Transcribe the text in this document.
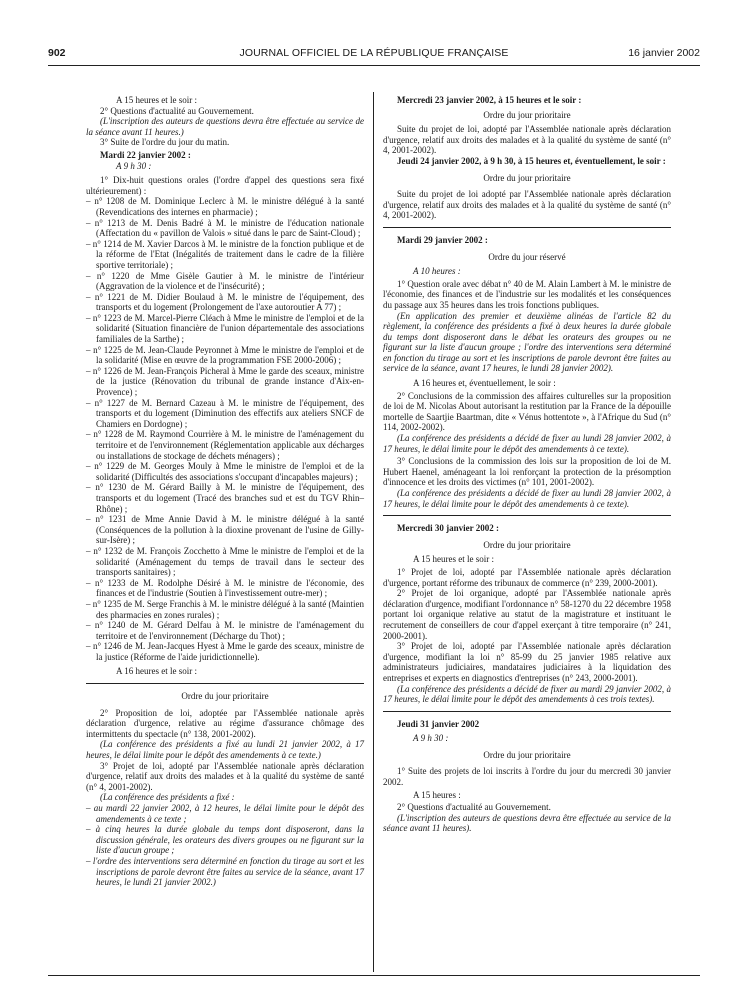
902	JOURNAL OFFICIEL DE LA RÉPUBLIQUE FRANÇAISE	16 janvier 2002

A 15 heures et le soir :

2° Questions d'actualité au Gouvernement.

(L'inscription des auteurs de questions devra être effectuée au service de la séance avant 11 heures.)

3° Suite de l'ordre du jour du matin.

Mardi 22 janvier 2002 :

A 9 h 30 :

1° Dix-huit questions orales (l'ordre d'appel des questions sera fixé ultérieurement) :

– n° 1208 de M. Dominique Leclerc à M. le ministre délégué à la santé (Revendications des internes en pharmacie) ;

– n° 1213 de M. Denis Badré à M. le ministre de l'éducation nationale (Affectation du « pavillon de Valois » situé dans le parc de Saint-Cloud) ;

– n° 1214 de M. Xavier Darcos à M. le ministre de la fonction publique et de la réforme de l'Etat (Inégalités de traitement dans le cadre de la filière sportive territoriale) ;

– n° 1220 de Mme Gisèle Gautier à M. le ministre de l'intérieur (Aggravation de la violence et de l'insécurité) ;

– n° 1221 de M. Didier Boulaud à M. le ministre de l'équipement, des transports et du logement (Prolongement de l'axe autoroutier A 77) ;

– n° 1223 de M. Marcel-Pierre Cléach à Mme le ministre de l'emploi et de la solidarité (Situation financière de l'union départementale des associations familiales de la Sarthe) ;

– n° 1225 de M. Jean-Claude Peyronnet à Mme le ministre de l'emploi et de la solidarité (Mise en œuvre de la programmation FSE 2000-2006) ;

– n° 1226 de M. Jean-François Picheral à Mme le garde des sceaux, ministre de la justice (Rénovation du tribunal de grande instance d'Aix-en-Provence) ;

– n° 1227 de M. Bernard Cazeau à M. le ministre de l'équipement, des transports et du logement (Diminution des effectifs aux ateliers SNCF de Chamiers en Dordogne) ;

– n° 1228 de M. Raymond Courrière à M. le ministre de l'aménagement du territoire et de l'environnement (Réglementation applicable aux décharges ou installations de stockage de déchets ménagers) ;

– n° 1229 de M. Georges Mouly à Mme le ministre de l'emploi et de la solidarité (Difficultés des associations s'occupant d'incapables majeurs) ;

– n° 1230 de M. Gérard Bailly à M. le ministre de l'équipement, des transports et du logement (Tracé des branches sud et est du TGV Rhin–Rhône) ;

– n° 1231 de Mme Annie David à M. le ministre délégué à la santé (Conséquences de la pollution à la dioxine provenant de l'usine de Gilly-sur-Isère) ;

– n° 1232 de M. François Zocchetto à Mme le ministre de l'emploi et de la solidarité (Aménagement du temps de travail dans le secteur des transports sanitaires) ;

– n° 1233 de M. Rodolphe Désiré à M. le ministre de l'économie, des finances et de l'industrie (Soutien à l'investissement outre-mer) ;

– n° 1235 de M. Serge Franchis à M. le ministre délégué à la santé (Maintien des pharmacies en zones rurales) ;

– n° 1240 de M. Gérard Delfau à M. le ministre de l'aménagement du territoire et de l'environnement (Décharge du Thot) ;

– n° 1246 de M. Jean-Jacques Hyest à Mme le garde des sceaux, ministre de la justice (Réforme de l'aide juridictionnelle).

A 16 heures et le soir :

Ordre du jour prioritaire

2° Proposition de loi, adoptée par l'Assemblée nationale après déclaration d'urgence, relative au régime d'assurance chômage des intermittents du spectacle (n° 138, 2001-2002).

(La conférence des présidents a fixé au lundi 21 janvier 2002, à 17 heures, le délai limite pour le dépôt des amendements à ce texte.)

3° Projet de loi, adopté par l'Assemblée nationale après déclaration d'urgence, relatif aux droits des malades et à la qualité du système de santé (n° 4, 2001-2002).

(La conférence des présidents a fixé :

– au mardi 22 janvier 2002, à 12 heures, le délai limite pour le dépôt des amendements à ce texte ;

– à cinq heures la durée globale du temps dont disposeront, dans la discussion générale, les orateurs des divers groupes ou ne figurant sur la liste d'aucun groupe ;

– l'ordre des interventions sera déterminé en fonction du tirage au sort et les inscriptions de parole devront être faites au service de la séance, avant 17 heures, le lundi 21 janvier 2002.)

Mercredi 23 janvier 2002, à 15 heures et le soir :

Ordre du jour prioritaire

Suite du projet de loi, adopté par l'Assemblée nationale après déclaration d'urgence, relatif aux droits des malades et à la qualité du système de santé (n° 4, 2001-2002).

Jeudi 24 janvier 2002, à 9 h 30, à 15 heures et, éventuellement, le soir :

Ordre du jour prioritaire

Suite du projet de loi adopté par l'Assemblée nationale après déclaration d'urgence, relatif aux droits des malades et à la qualité du système de santé (n° 4, 2001-2002).

Mardi 29 janvier 2002 :

Ordre du jour réservé

A 10 heures :

1° Question orale avec débat n° 40 de M. Alain Lambert à M. le ministre de l'économie, des finances et de l'industrie sur les modalités et les conséquences du passage aux 35 heures dans les trois fonctions publiques.

(En application des premier et deuxième alinéas de l'article 82 du règlement, la conférence des présidents a fixé à deux heures la durée globale du temps dont disposeront dans le débat les orateurs des groupes ou ne figurant sur la liste d'aucun groupe ; l'ordre des interventions sera déterminé en fonction du tirage au sort et les inscriptions de parole devront être faites au service de la séance, avant 17 heures, le lundi 28 janvier 2002).

A 16 heures et, éventuellement, le soir :

2° Conclusions de la commission des affaires culturelles sur la proposition de loi de M. Nicolas About autorisant la restitution par la France de la dépouille mortelle de Saartjie Baartman, dite « Vénus hottentote », à l'Afrique du Sud (n° 114, 2002-2002).

(La conférence des présidents a décidé de fixer au lundi 28 janvier 2002, à 17 heures, le délai limite pour le dépôt des amendements à ce texte).

3° Conclusions de la commission des lois sur la proposition de loi de M. Hubert Haenel, aménageant la loi renforçant la protection de la présomption d'innocence et les droits des victimes (n° 101, 2001-2002).

(La conférence des présidents a décidé de fixer au lundi 28 janvier 2002, à 17 heures, le délai limite pour le dépôt des amendements à ce texte).

Mercredi 30 janvier 2002 :

Ordre du jour prioritaire

A 15 heures et le soir :

1° Projet de loi, adopté par l'Assemblée nationale après déclaration d'urgence, portant réforme des tribunaux de commerce (n° 239, 2000-2001).

2° Projet de loi organique, adopté par l'Assemblée nationale après déclaration d'urgence, modifiant l'ordonnance n° 58-1270 du 22 décembre 1958 portant loi organique relative au statut de la magistrature et instituant le recrutement de conseillers de cour d'appel exerçant à titre temporaire (n° 241, 2000-2001).

3° Projet de loi, adopté par l'Assemblée nationale après déclaration d'urgence, modifiant la loi n° 85-99 du 25 janvier 1985 relative aux administrateurs judiciaires, mandataires judiciaires à la liquidation des entreprises et experts en diagnostics d'entreprises (n° 243, 2000-2001).

(La conférence des présidents a décidé de fixer au mardi 29 janvier 2002, à 17 heures, le délai limite pour le dépôt des amendements à ces trois textes).

Jeudi 31 janvier 2002

A 9 h 30 :

Ordre du jour prioritaire

1° Suite des projets de loi inscrits à l'ordre du jour du mercredi 30 janvier 2002.

A 15 heures :

2° Questions d'actualité au Gouvernement.

(L'inscription des auteurs de questions devra être effectuée au service de la séance avant 11 heures).
